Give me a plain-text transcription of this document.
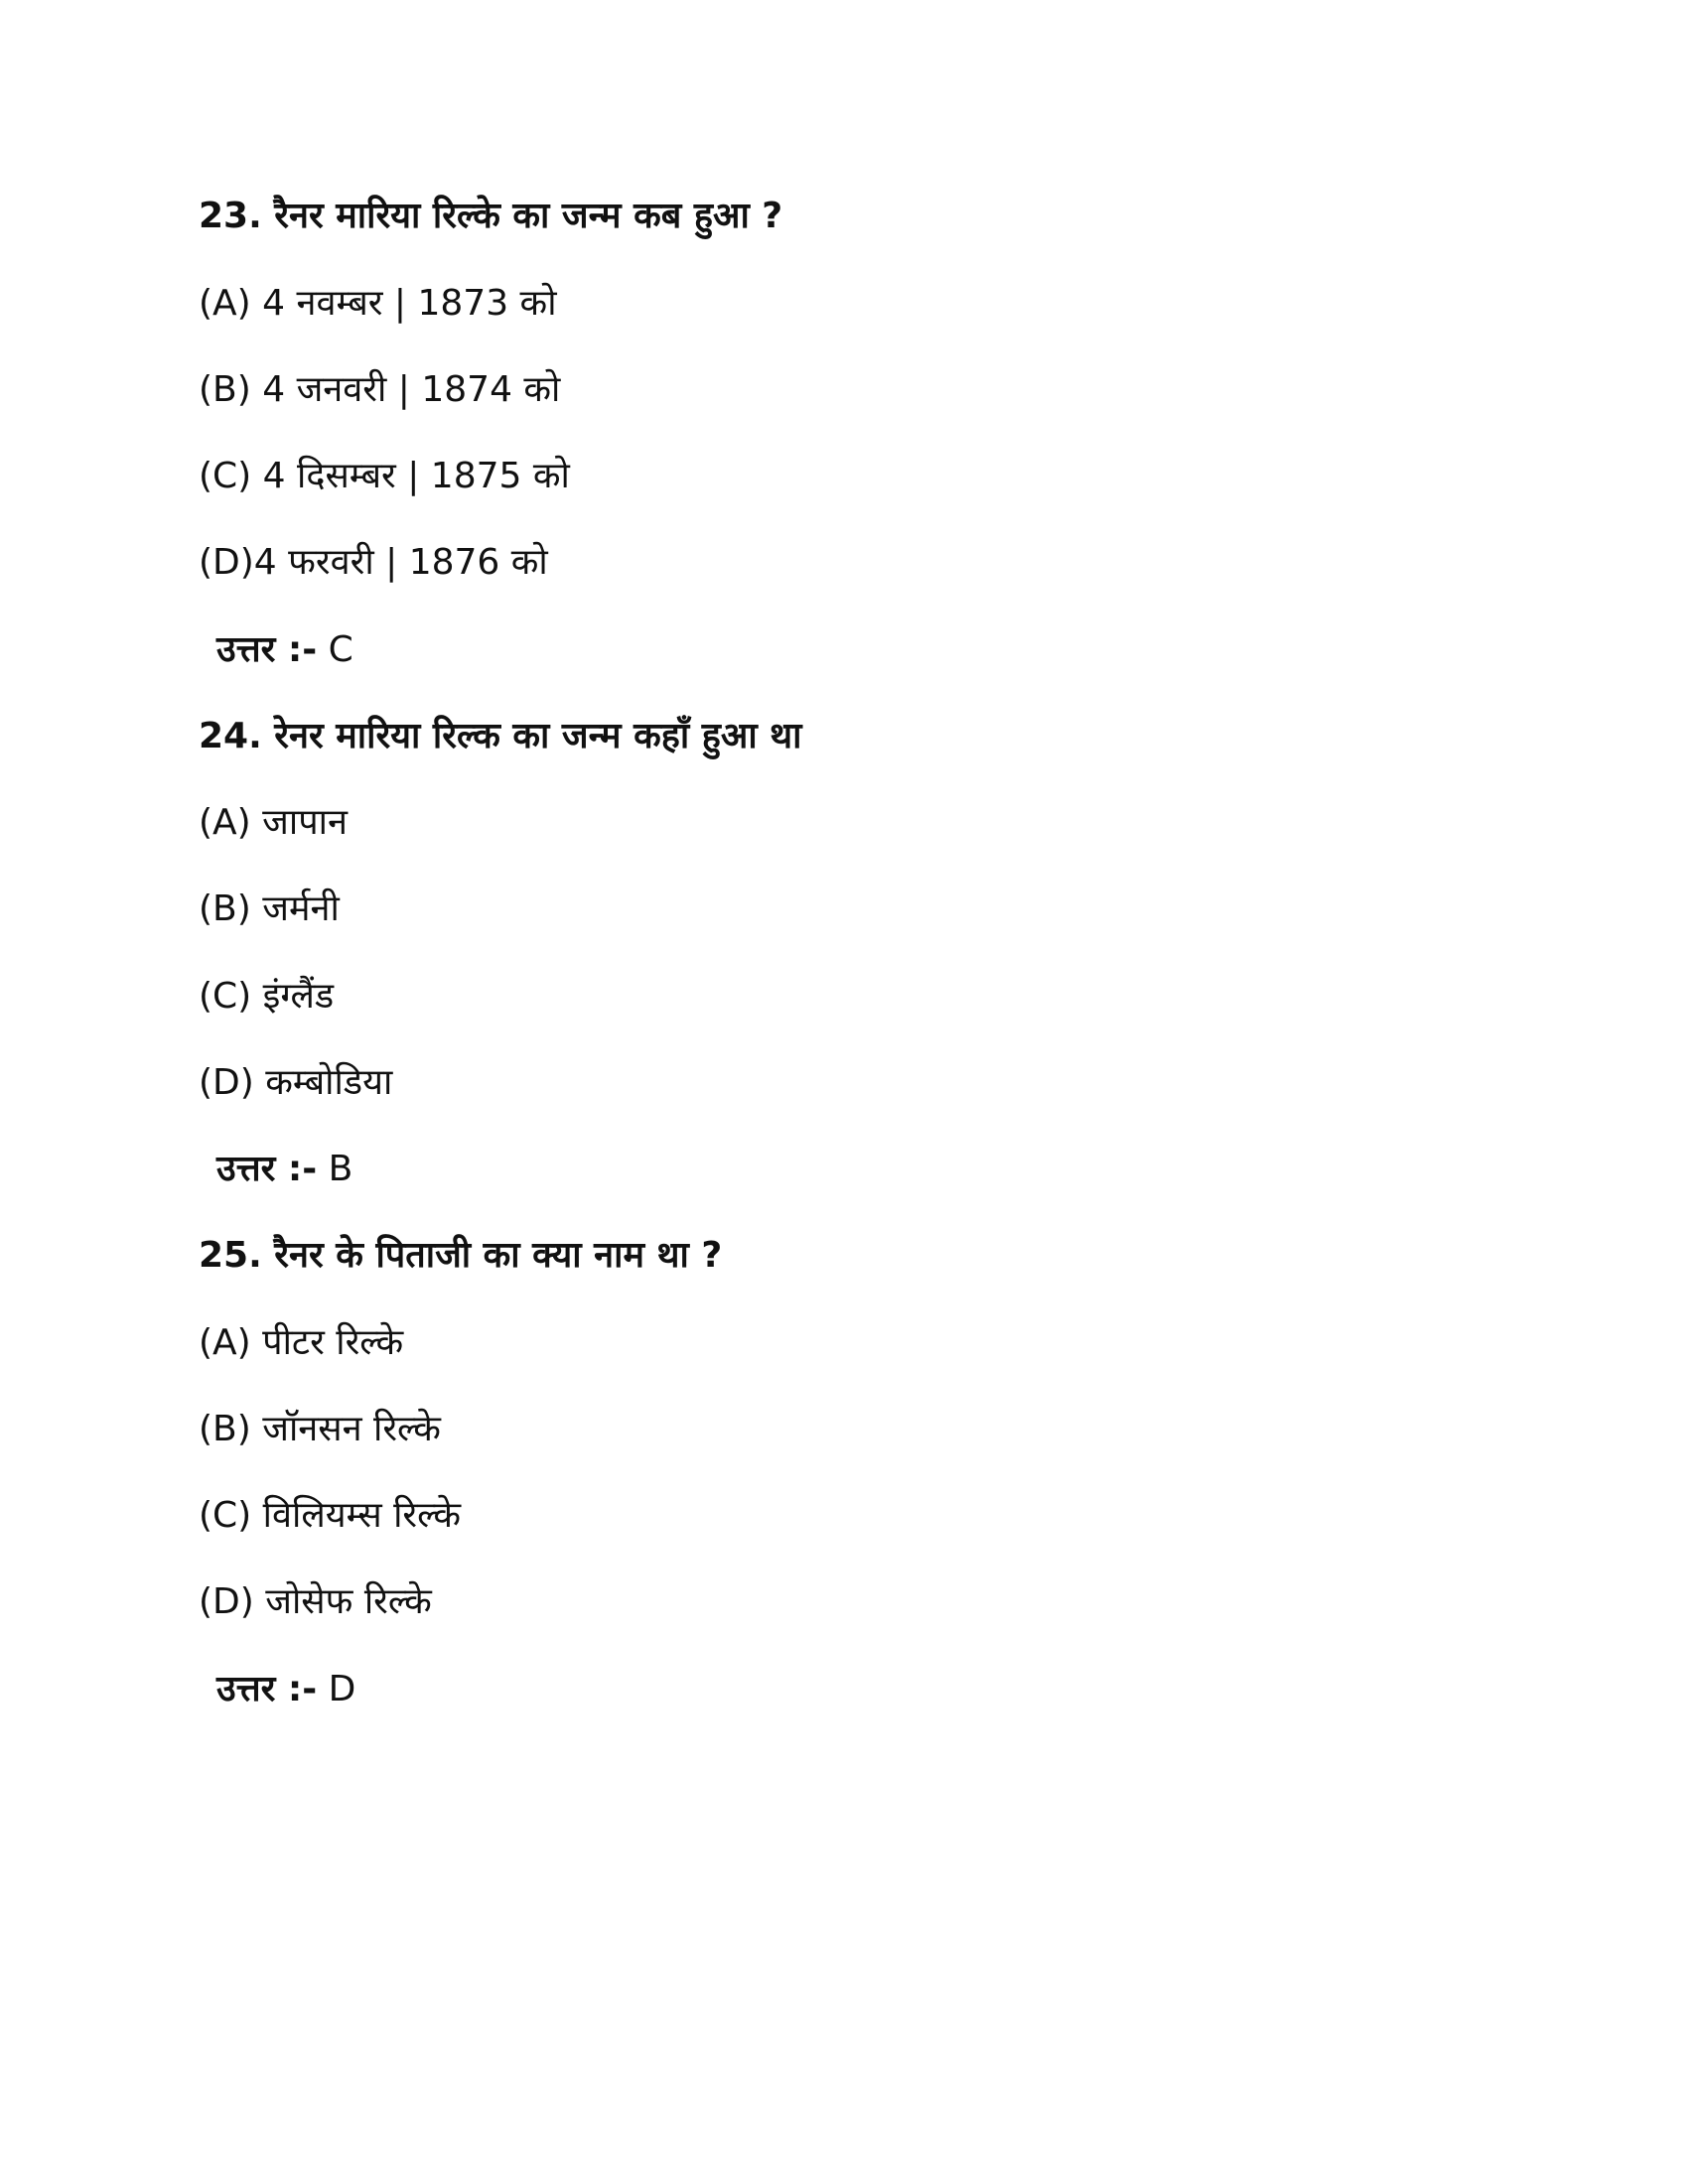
23. रैनर मारिया रिल्के का जन्म कब हुआ ?
(A) 4 नवम्बर | 1873 को
(B) 4 जनवरी | 1874 को
(C) 4 दिसम्बर | 1875 को
(D)4 फरवरी | 1876 को
उत्तर :- C
24. रेनर मारिया रिल्क का जन्म कहाँ हुआ था
(A) जापान
(B) जर्मनी
(C) इंग्लैंड
(D) कम्बोडिया
उत्तर :- B
25. रैनर के पिताजी का क्या नाम था ?
(A) पीटर रिल्के
(B) जॉनसन रिल्के
(C) विलियम्स रिल्के
(D) जोसेफ रिल्के
उत्तर :- D
